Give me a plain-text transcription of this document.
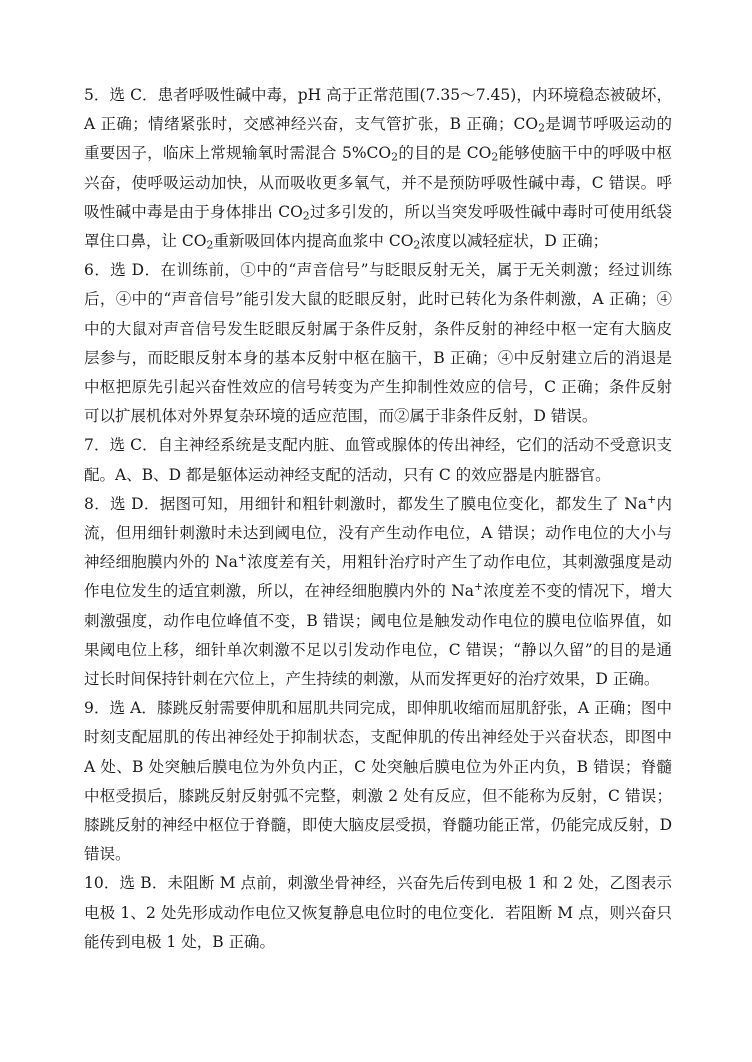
5．选 C．患者呼吸性碱中毒，pH 高于正常范围(7.35～7.45)，内环境稳态被破坏，A 正确；情绪紧张时，交感神经兴奋，支气管扩张，B 正确；$CO_2$是调节呼吸运动的重要因子，临床上常规输氧时需混合 $5\%CO_2$的目的是 $CO_2$能够使脑干中的呼吸中枢兴奋，使呼吸运动加快，从而吸收更多氧气，并不是预防呼吸性碱中毒，C 错误。呼吸性碱中毒是由于身体排出 $CO_2$过多引发的，所以当突发呼吸性碱中毒时可使用纸袋罩住口鼻，让 $CO_2$重新吸回体内提高血浆中 $CO_2$浓度以减轻症状，D 正确；

6．选 D．在训练前，①中的“声音信号”与眨眼反射无关，属于无关刺激；经过训练后，④中的“声音信号”能引发大鼠的眨眼反射，此时已转化为条件刺激，A 正确；④中的大鼠对声音信号发生眨眼反射属于条件反射，条件反射的神经中枢一定有大脑皮层参与，而眨眼反射本身的基本反射中枢在脑干，B 正确；④中反射建立后的消退是中枢把原先引起兴奋性效应的信号转变为产生抑制性效应的信号，C 正确；条件反射可以扩展机体对外界复杂环境的适应范围，而②属于非条件反射，D 错误。

7．选 C．自主神经系统是支配内脏、血管或腺体的传出神经，它们的活动不受意识支配。A、B、D 都是躯体运动神经支配的活动，只有 C 的效应器是内脏器官。

8．选 D．据图可知，用细针和粗针刺激时，都发生了膜电位变化，都发生了 Na+内流，但用细针刺激时未达到阈电位，没有产生动作电位，A 错误；动作电位的大小与神经细胞膜内外的 Na+浓度差有关，用粗针治疗时产生了动作电位，其刺激强度是动作电位发生的适宜刺激，所以，在神经细胞膜内外的 Na+浓度差不变的情况下，增大刺激强度，动作电位峰值不变，B 错误；阈电位是触发动作电位的膜电位临界值，如果阈电位上移，细针单次刺激不足以引发动作电位，C 错误；“静以久留”的目的是通过长时间保持针刺在穴位上，产生持续的刺激，从而发挥更好的治疗效果，D 正确。

9．选 A．膝跳反射需要伸肌和屈肌共同完成，即伸肌收缩而屈肌舒张，A 正确；图中时刻支配屈肌的传出神经处于抑制状态，支配伸肌的传出神经处于兴奋状态，即图中 A 处、B 处突触后膜电位为外负内正，C 处突触后膜电位为外正内负，B 错误；脊髓中枢受损后，膝跳反射反射弧不完整，刺激 2 处有反应，但不能称为反射，C 错误；膝跳反射的神经中枢位于脊髓，即使大脑皮层受损，脊髓功能正常，仍能完成反射，D 错误。

10．选 B．未阻断 M 点前，刺激坐骨神经，兴奋先后传到电极 1 和 2 处，乙图表示电极 1、2 处先形成动作电位又恢复静息电位时的电位变化．若阻断 M 点，则兴奋只能传到电极 1 处，B 正确。
